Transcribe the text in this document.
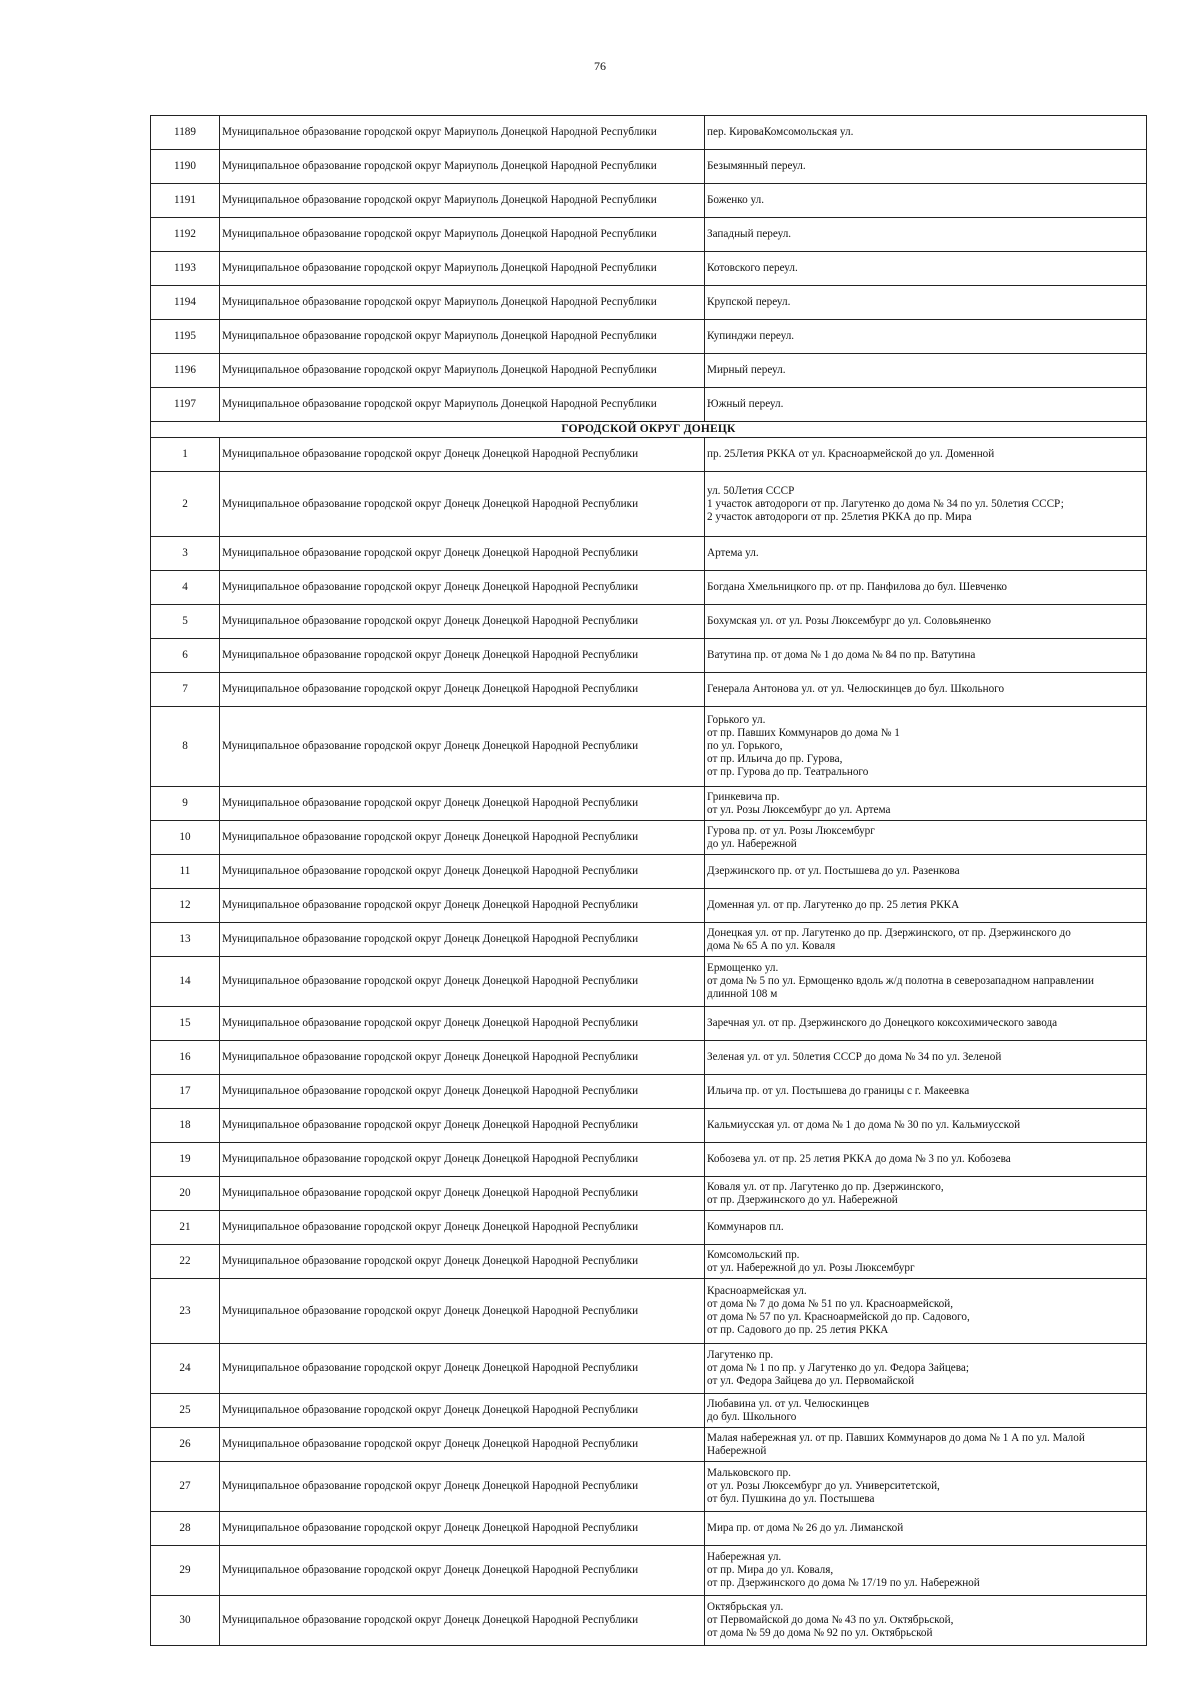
76
1189	Муниципальное образование городской округ Мариуполь Донецкой Народной Республики	пер. КироваКомсомольская ул.

1190	Муниципальное образование городской округ Мариуполь Донецкой Народной Республики	Безымянный переул.

1191	Муниципальное образование городской округ Мариуполь Донецкой Народной Республики	Боженко ул.

1192	Муниципальное образование городской округ Мариуполь Донецкой Народной Республики	Западный переул.

1193	Муниципальное образование городской округ Мариуполь Донецкой Народной Республики	Котовского переул.

1194	Муниципальное образование городской округ Мариуполь Донецкой Народной Республики	Крупской переул.

1195	Муниципальное образование городской округ Мариуполь Донецкой Народной Республики	Купинджи переул.

1196	Муниципальное образование городской округ Мариуполь Донецкой Народной Республики	Мирный переул.

1197	Муниципальное образование городской округ Мариуполь Донецкой Народной Республики	Южный переул.

ГОРОДСКОЙ ОКРУГ ДОНЕЦК		
1	Муниципальное образование городской округ Донецк Донецкой Народной Республики	пр. 25Летия РККА от ул. Красноармейской до ул. Доменной

2	Муниципальное образование городской округ Донецк Донецкой Народной Республики	ул. 50Летия СССР
1 участок автодороги от пр. Лагутенко до дома № 34 по ул. 50летия СССР;
2 участок автодороги от пр. 25летия РККА до пр. Мира

3	Муниципальное образование городской округ Донецк Донецкой Народной Республики	Артема ул.

4	Муниципальное образование городской округ Донецк Донецкой Народной Республики	Богдана Хмельницкого пр. от пр. Панфилова до бул. Шевченко

5	Муниципальное образование городской округ Донецк Донецкой Народной Республики	Бохумская ул. от ул. Розы Люксембург до ул. Соловьяненко

6	Муниципальное образование городской округ Донецк Донецкой Народной Республики	Ватутина пр. от дома № 1 до дома № 84 по пр. Ватутина

7	Муниципальное образование городской округ Донецк Донецкой Народной Республики	Генерала Антонова ул. от ул. Челюскинцев до бул. Школьного

8	Муниципальное образование городской округ Донецк Донецкой Народной Республики	Горького ул.
от пр. Павших Коммунаров до дома № 1
по ул. Горького,
от пр. Ильича до пр. Гурова,
от пр. Гурова до пр. Театрального

9	Муниципальное образование городской округ Донецк Донецкой Народной Республики	Гринкевича пр.
от ул. Розы Люксембург до ул. Артема

10	Муниципальное образование городской округ Донецк Донецкой Народной Республики	Гурова пр. от ул. Розы Люксембург
до ул. Набережной

11	Муниципальное образование городской округ Донецк Донецкой Народной Республики	Дзержинского пр. от ул. Постышева до ул. Разенкова

12	Муниципальное образование городской округ Донецк Донецкой Народной Республики	Доменная ул. от пр. Лагутенко до пр. 25 летия РККА

13	Муниципальное образование городской округ Донецк Донецкой Народной Республики	Донецкая ул. от пр. Лагутенко до пр. Дзержинского, от пр. Дзержинского до
дома № 65 А по ул. Коваля

14	Муниципальное образование городской округ Донецк Донецкой Народной Республики	Ермощенко ул.
от дома № 5 по ул. Ермощенко вдоль ж/д полотна в северозападном направлении
длинной 108 м

15	Муниципальное образование городской округ Донецк Донецкой Народной Республики	Заречная ул. от пр. Дзержинского до Донецкого коксохимического завода

16	Муниципальное образование городской округ Донецк Донецкой Народной Республики	Зеленая ул. от ул. 50летия СССР до дома № 34 по ул. Зеленой

17	Муниципальное образование городской округ Донецк Донецкой Народной Республики	Ильича пр. от ул. Постышева до границы с г. Макеевка

18	Муниципальное образование городской округ Донецк Донецкой Народной Республики	Кальмиусская ул. от дома № 1 до дома № 30 по ул. Кальмиусской

19	Муниципальное образование городской округ Донецк Донецкой Народной Республики	Кобозева ул. от пр. 25 летия РККА до дома № 3 по ул. Кобозева

20	Муниципальное образование городской округ Донецк Донецкой Народной Республики	Коваля ул. от пр. Лагутенко до пр. Дзержинского,
от пр. Дзержинского до ул. Набережной

21	Муниципальное образование городской округ Донецк Донецкой Народной Республики	Коммунаров пл.

22	Муниципальное образование городской округ Донецк Донецкой Народной Республики	Комсомольский пр.
от ул. Набережной до ул. Розы Люксембург

23	Муниципальное образование городской округ Донецк Донецкой Народной Республики	Красноармейская ул.
от дома № 7 до дома № 51 по ул. Красноармейской,
от дома № 57 по ул. Красноармейской до пр. Садового,
от пр. Садового до пр. 25 летия РККА

24	Муниципальное образование городской округ Донецк Донецкой Народной Республики	Лагутенко пр.
от дома № 1 по пр. у Лагутенко до ул. Федора Зайцева;
от ул. Федора Зайцева до ул. Первомайской

25	Муниципальное образование городской округ Донецк Донецкой Народной Республики	Любавина ул. от ул. Челюскинцев
до бул. Школьного

26	Муниципальное образование городской округ Донецк Донецкой Народной Республики	Малая набережная ул. от пр. Павших Коммунаров до дома № 1 А по ул. Малой
Набережной

27	Муниципальное образование городской округ Донецк Донецкой Народной Республики	Мальковского пр.
от ул. Розы Люксембург до ул. Университетской,
от бул. Пушкина до ул. Постышева

28	Муниципальное образование городской округ Донецк Донецкой Народной Республики	Мира пр. от дома № 26 до ул. Лиманской

29	Муниципальное образование городской округ Донецк Донецкой Народной Республики	Набережная ул.
от пр. Мира до ул. Коваля,
от пр. Дзержинского до дома № 17/19 по ул. Набережной

30	Муниципальное образование городской округ Донецк Донецкой Народной Республики	Октябрьская ул.
от Первомайской до дома № 43 по ул. Октябрьской,
от дома № 59 до дома № 92 по ул. Октябрьской
